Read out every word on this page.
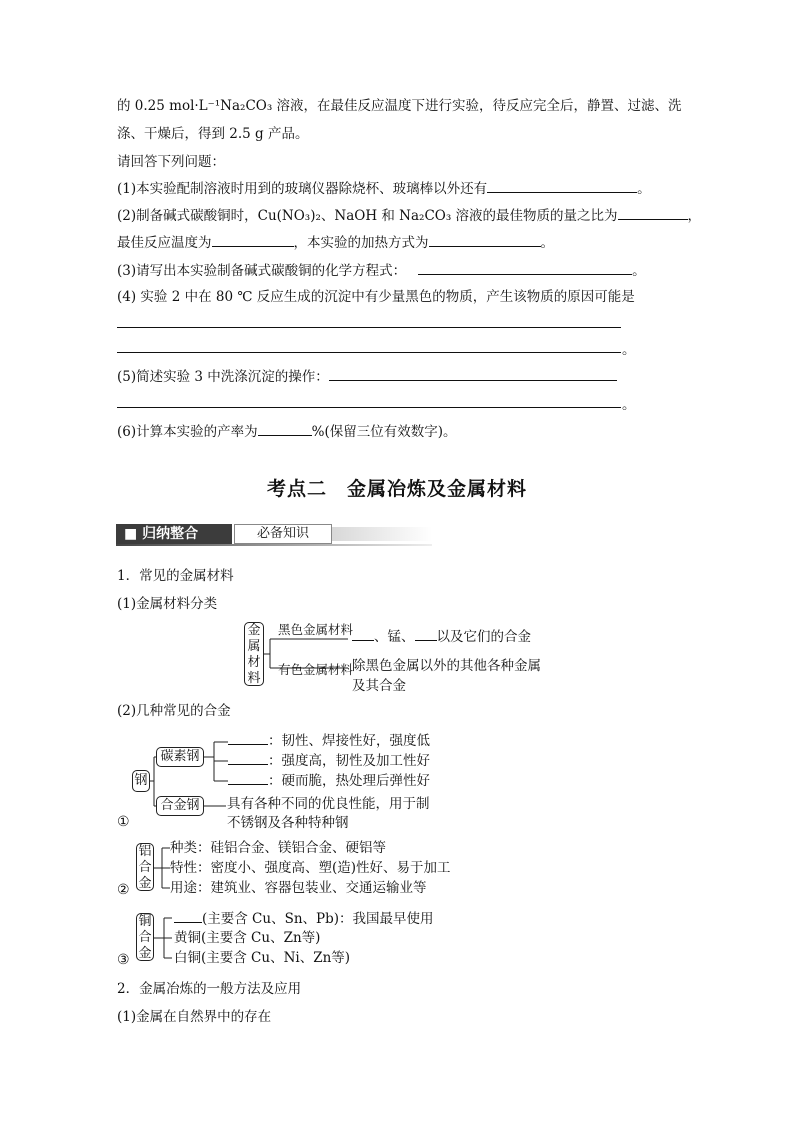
的 0.25 mol·L⁻¹Na₂CO₃ 溶液，在最佳反应温度下进行实验，待反应完全后，静置、过滤、洗
涤、干燥后，得到 2.5 g 产品。
请回答下列问题：
(1)本实验配制溶液时用到的玻璃仪器除烧杯、玻璃棒以外还有	。
(2)制备碱式碳酸铜时，Cu(NO₃)₂、NaOH 和 Na₂CO₃ 溶液的最佳物质的量之比为	，
最佳反应温度为	，本实验的加热方式为	。
(3)请写出本实验制备碱式碳酸铜的化学方程式：	。
(4) 实验 2 中在 80 ℃ 反应生成的沉淀中有少量黑色的物质，产生该物质的原因可能是
。
(5)简述实验 3 中洗涤沉淀的操作：
。
(6)计算本实验的产率为	%(保留三位有效数字)。
考点二　金属冶炼及金属材料
■ 归纳整合	必备知识
1．常见的金属材料
(1)金属材料分类
金
属
材
料
黑色金属材料	、锰、 以及它们的合金
有色金属材料
除黑色金属以外的其他各种金属
及其合金
(2)几种常见的合金
钢
碳素钢
：韧性、焊接性好，强度低
：强度高，韧性及加工性好
：硬而脆，热处理后弹性好
合金钢	具有各种不同的优良性能，用于制
不锈钢及各种特种钢
①
铝
合
金
种类：硅铝合金、镁铝合金、硬铝等
特性：密度小、强度高、塑(造)性好、易于加工
用途：建筑业、容器包装业、交通运输业等
②
铜
合
金
(主要含 Cu、Sn、Pb)：我国最早使用
黄铜(主要含 Cu、Zn等)
白铜(主要含 Cu、Ni、Zn等)
③
2．金属冶炼的一般方法及应用
(1)金属在自然界中的存在
